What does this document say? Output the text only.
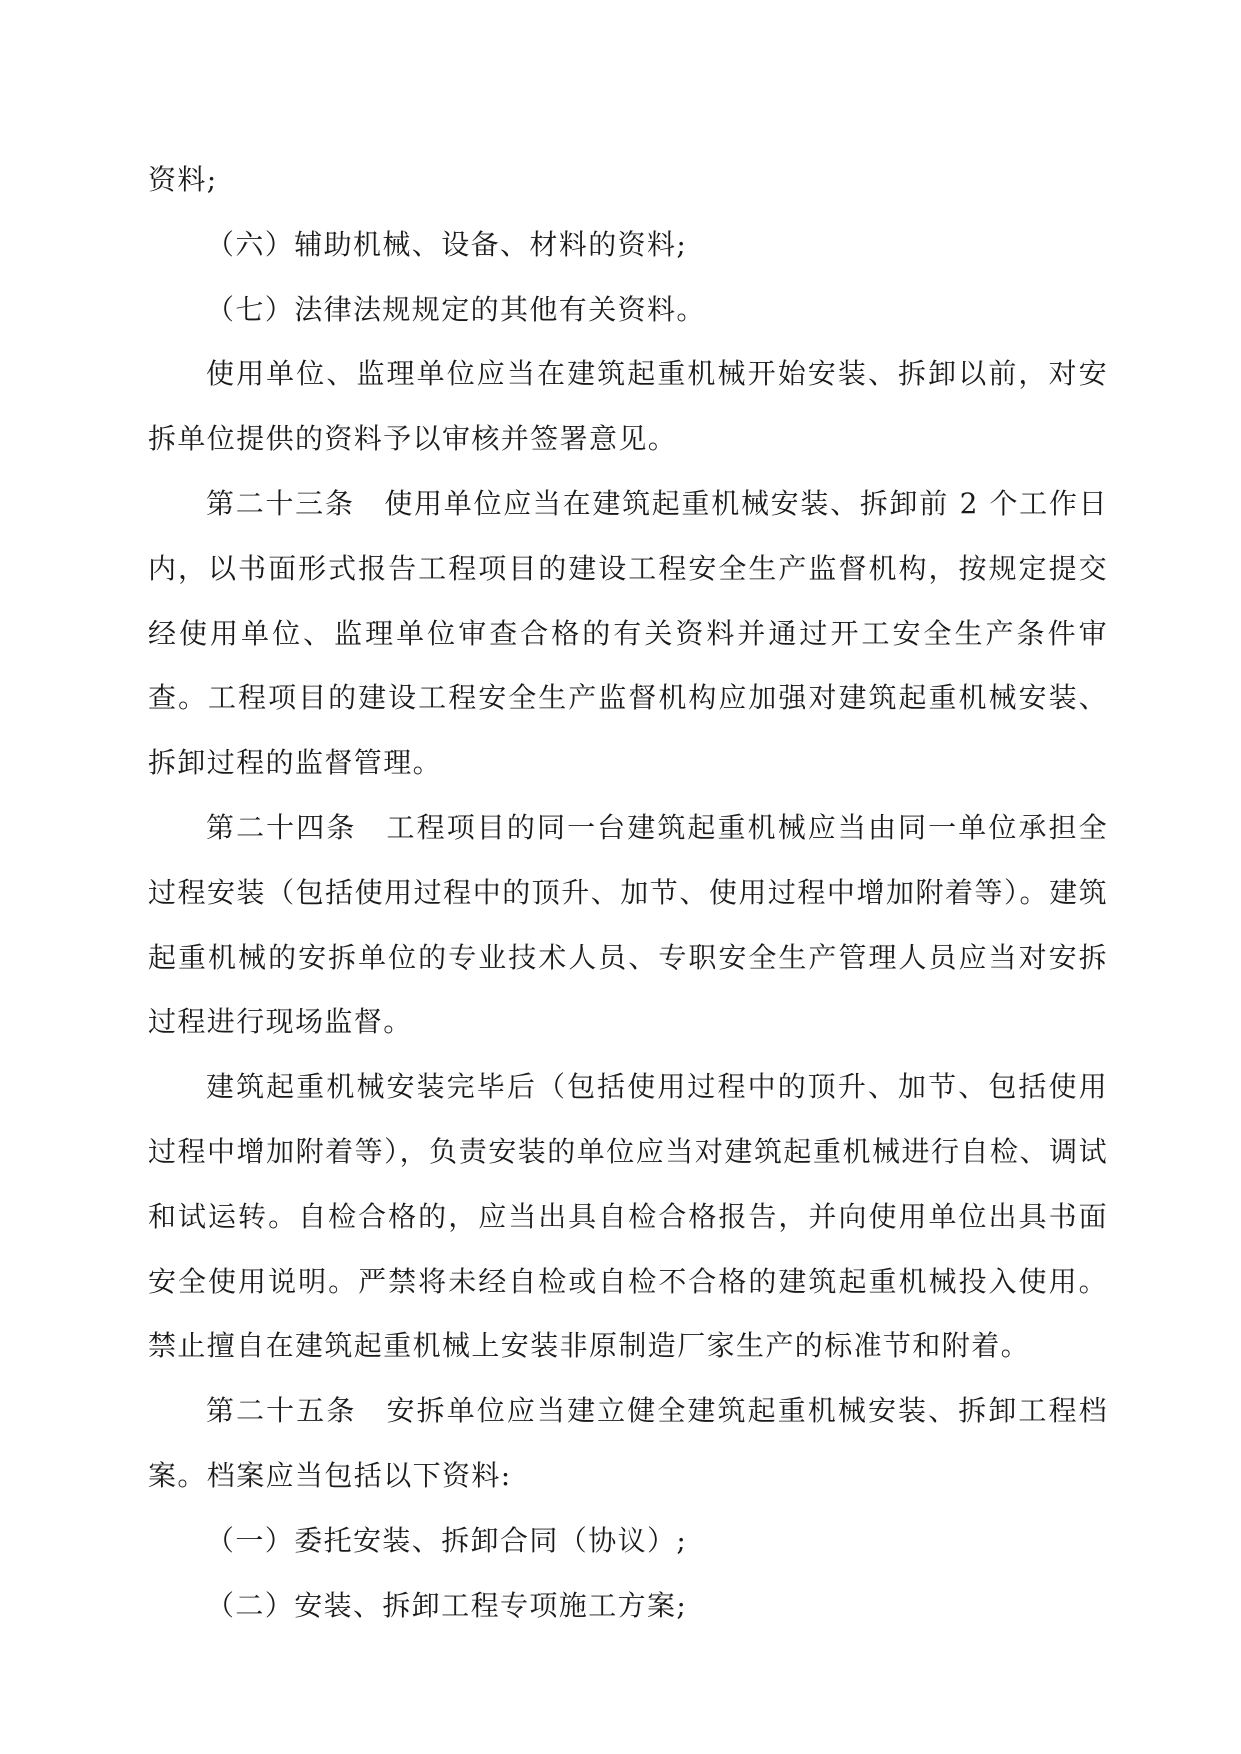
资料;

（六）辅助机械、设备、材料的资料;

（七）法律法规规定的其他有关资料。

使用单位、监理单位应当在建筑起重机械开始安装、拆卸以前，对安拆单位提供的资料予以审核并签署意见。

第二十三条　使用单位应当在建筑起重机械安装、拆卸前 2 个工作日内，以书面形式报告工程项目的建设工程安全生产监督机构，按规定提交经使用单位、监理单位审查合格的有关资料并通过开工安全生产条件审查。工程项目的建设工程安全生产监督机构应加强对建筑起重机械安装、拆卸过程的监督管理。

第二十四条　工程项目的同一台建筑起重机械应当由同一单位承担全过程安装（包括使用过程中的顶升、加节、使用过程中增加附着等）。建筑起重机械的安拆单位的专业技术人员、专职安全生产管理人员应当对安拆过程进行现场监督。

建筑起重机械安装完毕后（包括使用过程中的顶升、加节、包括使用过程中增加附着等），负责安装的单位应当对建筑起重机械进行自检、调试和试运转。自检合格的，应当出具自检合格报告，并向使用单位出具书面安全使用说明。严禁将未经自检或自检不合格的建筑起重机械投入使用。禁止擅自在建筑起重机械上安装非原制造厂家生产的标准节和附着。

第二十五条　安拆单位应当建立健全建筑起重机械安装、拆卸工程档案。档案应当包括以下资料:

（一）委托安装、拆卸合同（协议）;

（二）安装、拆卸工程专项施工方案;
